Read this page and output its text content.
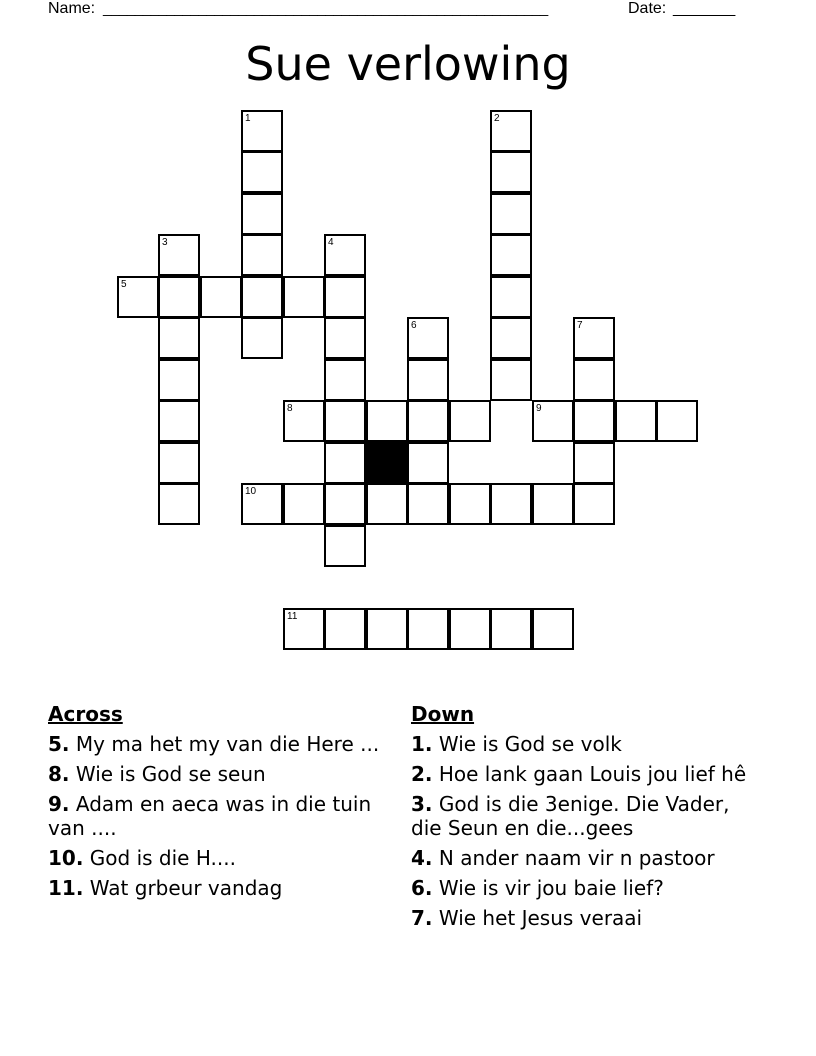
Name: ________________________________________________________	Date: _______
Sue verlowing
1	2
3	4
5
6	7
8	9
10
11
Across
5. My ma het my van die Here ...
8. Wie is God se seun
9. Adam en aeca was in die tuin van ....
10. God is die H....
11. Wat grbeur vandag
Down
1. Wie is God se volk
2. Hoe lank gaan Louis jou lief hê
3. God is die 3enige. Die Vader, die Seun en die...gees
4. N ander naam vir n pastoor
6. Wie is vir jou baie lief?
7. Wie het Jesus veraai
